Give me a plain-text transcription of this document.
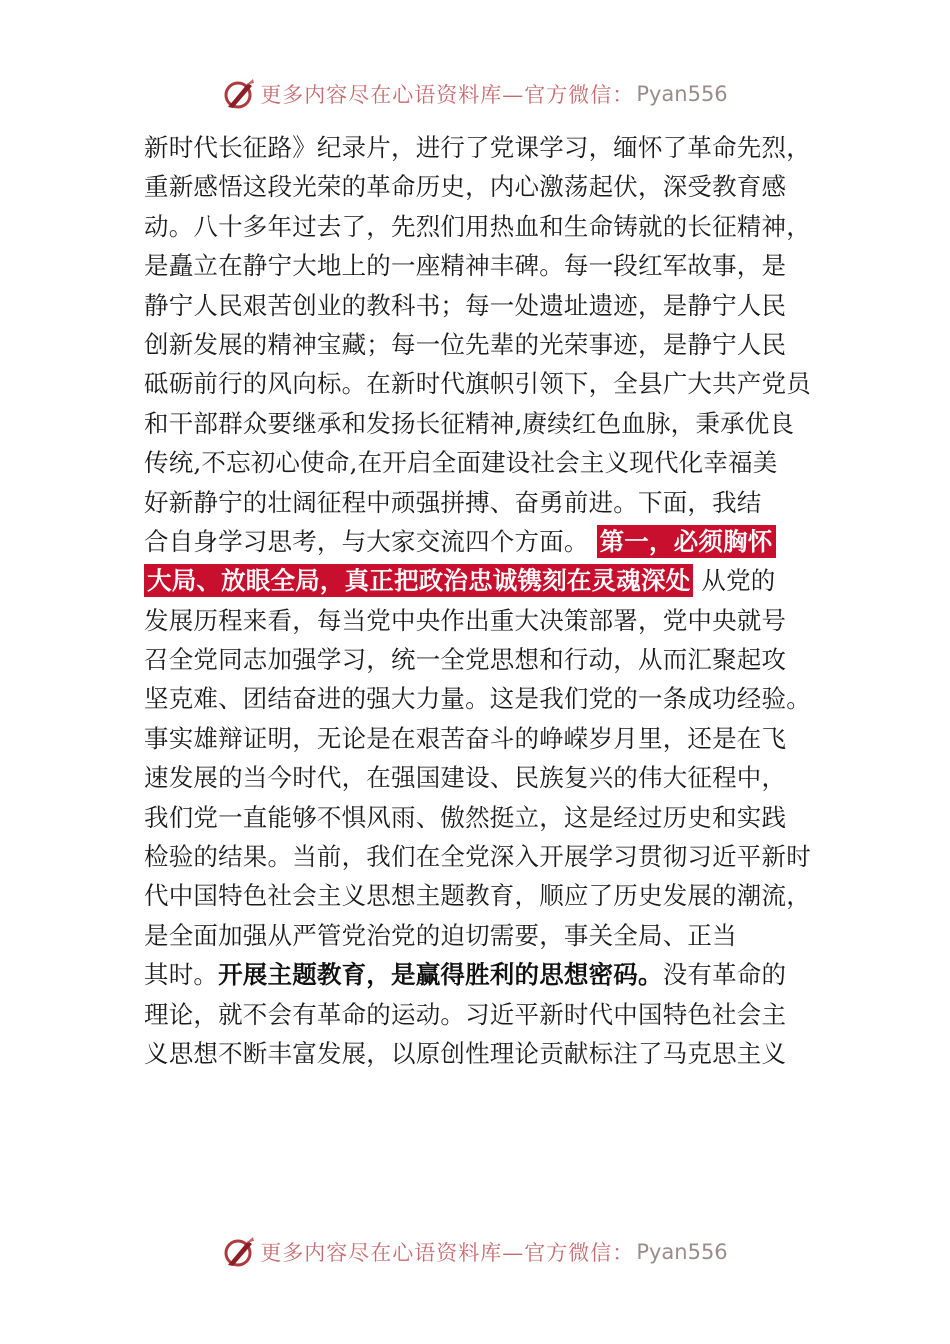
更多内容尽在心语资料库—官方微信： Pyan556
新时代长征路》纪录片，进行了党课学习，缅怀了革命先烈，
重新感悟这段光荣的革命历史，内心激荡起伏，深受教育感
动。八十多年过去了，先烈们用热血和生命铸就的长征精神，
是矗立在静宁大地上的一座精神丰碑。每一段红军故事，是
静宁人民艰苦创业的教科书；每一处遗址遗迹，是静宁人民
创新发展的精神宝藏；每一位先辈的光荣事迹，是静宁人民
砥砺前行的风向标。在新时代旗帜引领下，全县广大共产党员
和干部群众要继承和发扬长征精神,赓续红色血脉，秉承优良
传统,不忘初心使命,在开启全面建设社会主义现代化幸福美
好新静宁的壮阔征程中顽强拼搏、奋勇前进。下面，我结
合自身学习思考，与大家交流四个方面。 第一，必须胸怀
大局、放眼全局，真正把政治忠诚镌刻在灵魂深处 从党的
发展历程来看，每当党中央作出重大决策部署，党中央就号
召全党同志加强学习，统一全党思想和行动，从而汇聚起攻
坚克难、团结奋进的强大力量。这是我们党的一条成功经验。
事实雄辩证明，无论是在艰苦奋斗的峥嵘岁月里，还是在飞
速发展的当今时代，在强国建设、民族复兴的伟大征程中，
我们党一直能够不惧风雨、傲然挺立，这是经过历史和实践
检验的结果。当前，我们在全党深入开展学习贯彻习近平新时
代中国特色社会主义思想主题教育，顺应了历史发展的潮流，
是全面加强从严管党治党的迫切需要，事关全局、正当
其时。开展主题教育，是赢得胜利的思想密码。没有革命的
理论，就不会有革命的运动。习近平新时代中国特色社会主
义思想不断丰富发展，以原创性理论贡献标注了马克思主义
更多内容尽在心语资料库—官方微信： Pyan556
